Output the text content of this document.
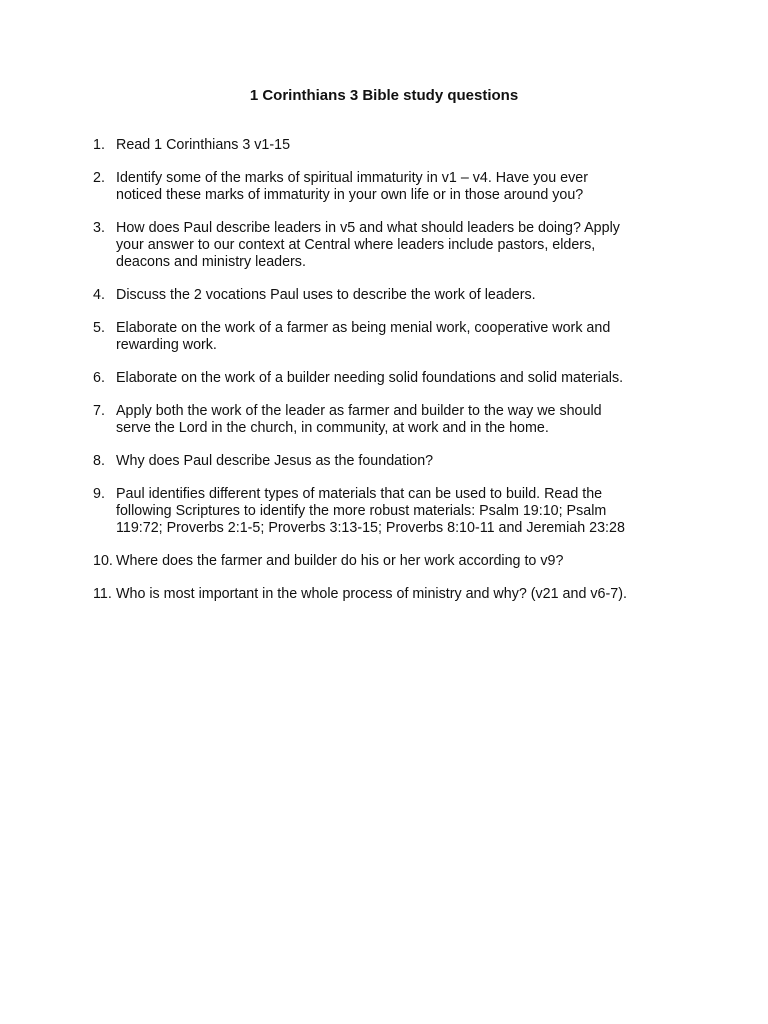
1 Corinthians 3 Bible study questions
1. Read 1 Corinthians 3 v1-15
2. Identify some of the marks of spiritual immaturity in v1 – v4. Have you ever
noticed these marks of immaturity in your own life or in those around you?
3. How does Paul describe leaders in v5 and what should leaders be doing? Apply
your answer to our context at Central where leaders include pastors, elders,
deacons and ministry leaders.
4. Discuss the 2 vocations Paul uses to describe the work of leaders.
5. Elaborate on the work of a farmer as being menial work, cooperative work and
rewarding work.
6. Elaborate on the work of a builder needing solid foundations and solid materials.
7. Apply both the work of the leader as farmer and builder to the way we should
serve the Lord in the church, in community, at work and in the home.
8. Why does Paul describe Jesus as the foundation?
9. Paul identifies different types of materials that can be used to build. Read the
following Scriptures to identify the more robust materials: Psalm 19:10; Psalm
119:72; Proverbs 2:1-5; Proverbs 3:13-15; Proverbs 8:10-11 and Jeremiah 23:28
10. Where does the farmer and builder do his or her work according to v9?
11. Who is most important in the whole process of ministry and why? (v21 and v6-7).
